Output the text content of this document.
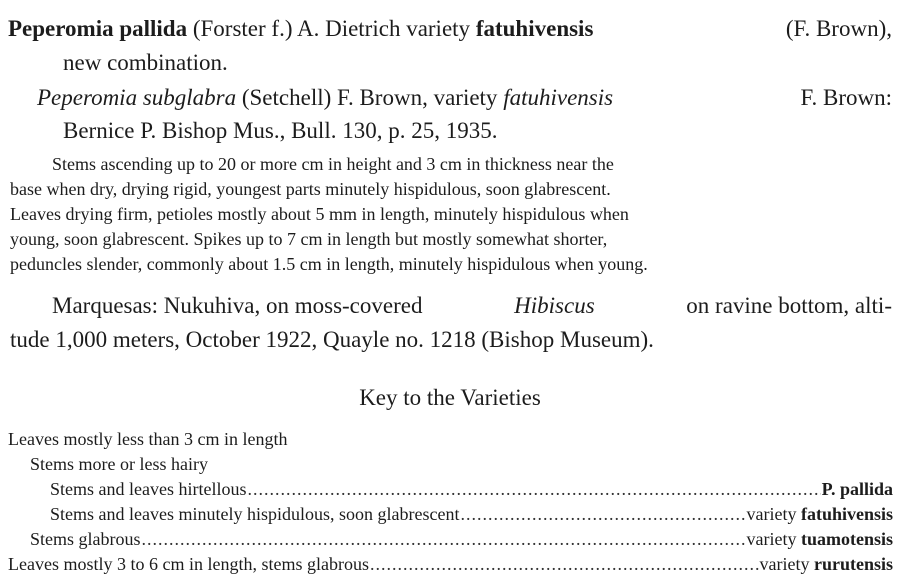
Peperomia pallida (Forster f.) A. Dietrich variety fatuhivensis	(F. Brown),
new combination.
Peperomia subglabra (Setchell) F. Brown, variety fatuhivensis	F. Brown:
Bernice P. Bishop Mus., Bull. 130, p. 25, 1935.
Stems ascending up to 20 or more cm in height and 3 cm in thickness near the
base when dry, drying rigid, youngest parts minutely hispidulous, soon glabrescent.
Leaves drying firm, petioles mostly about 5 mm in length, minutely hispidulous when
young, soon glabrescent. Spikes up to 7 cm in length but mostly somewhat shorter,
peduncles slender, commonly about 1.5 cm in length, minutely hispidulous when young.
Marquesas: Nukuhiva, on moss-covered	Hibiscus	on ravine bottom, alti-
tude 1,000 meters, October 1922, Quayle no. 1218 (Bishop Museum).
Key to the Varieties
Leaves mostly less than 3 cm in length
Stems more or less hairy
Stems and leaves hirtellous .....	P. pallida
Stems and leaves minutely hispidulous, soon glabrescent .....	variety
fatuhivensis
Stems glabrous .....	variety
tuamotensis
Leaves mostly 3 to 6 cm in length, stems glabrous .....	variety
rurutensis
